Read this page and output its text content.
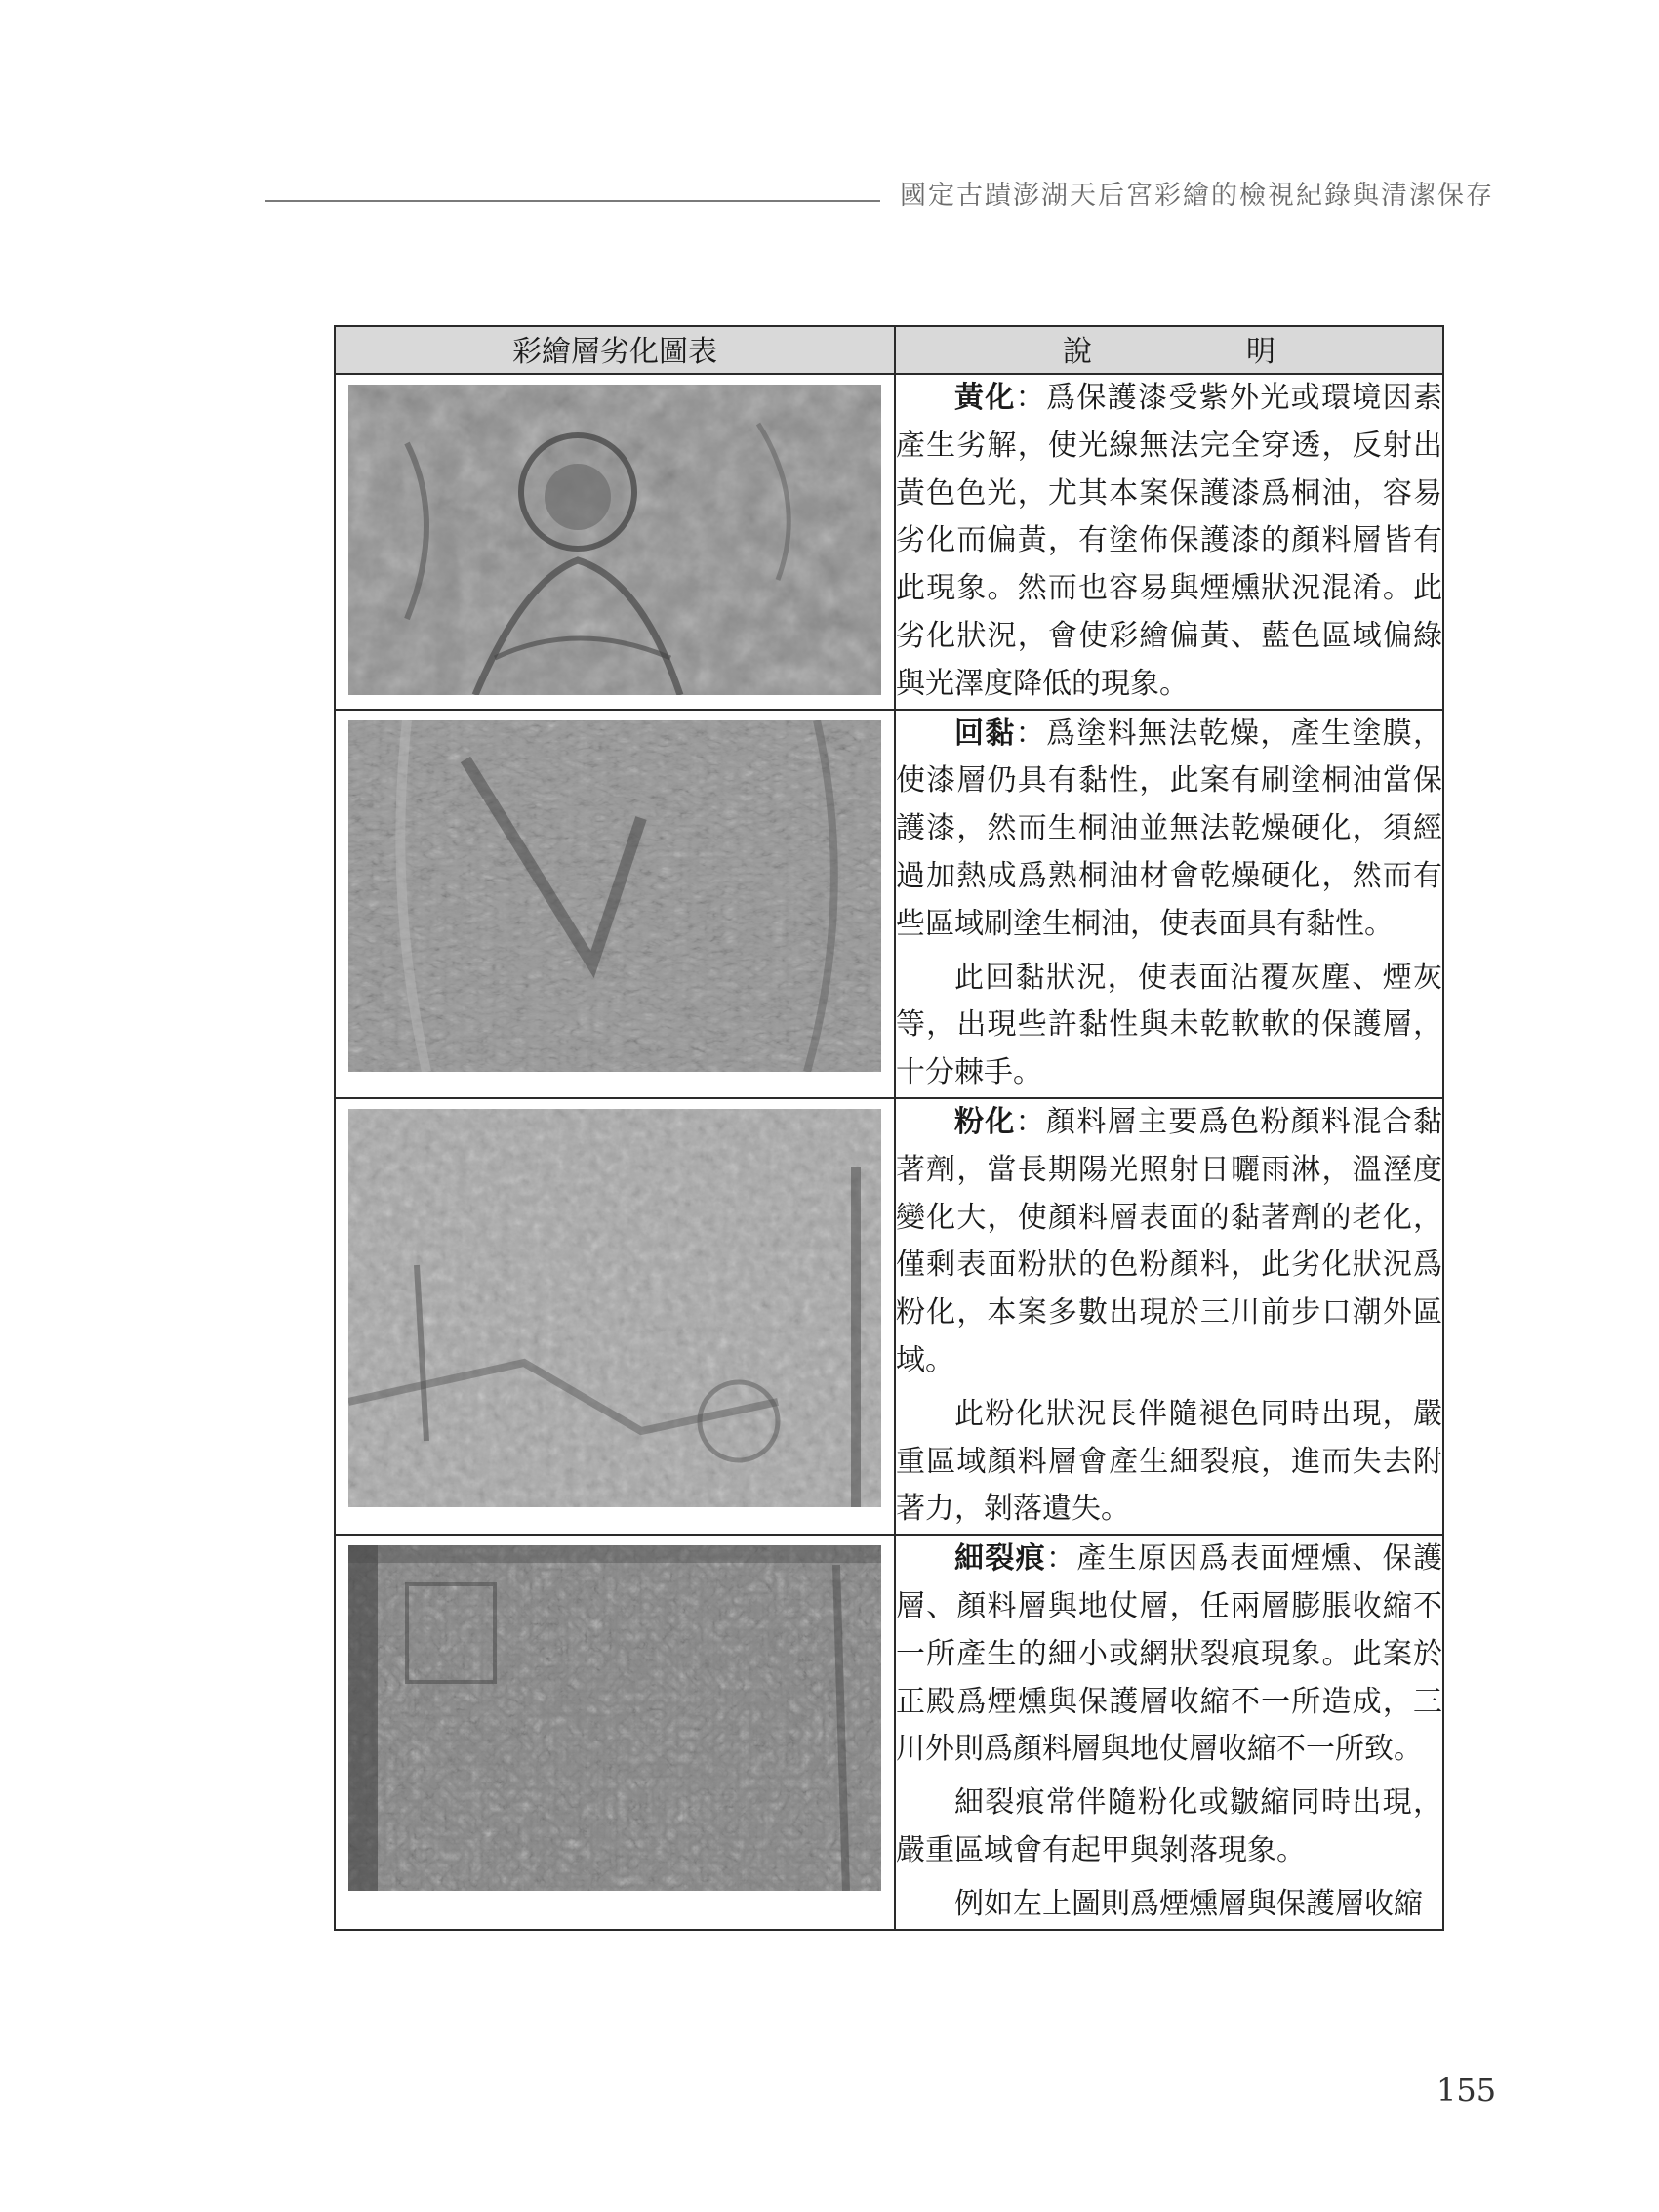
國定古蹟澎湖天后宮彩繪的檢視紀錄與清潔保存
彩繪層劣化圖表	說明

黃化：爲保護漆受紫外光或環境因素產生劣解，使光線無法完全穿透，反射出黃色色光，尤其本案保護漆爲桐油，容易劣化而偏黃，有塗佈保護漆的顏料層皆有此現象。然而也容易與煙燻狀況混淆。此劣化狀況，會使彩繪偏黃、藍色區域偏綠與光澤度降低的現象。

回黏：爲塗料無法乾燥，產生塗膜，使漆層仍具有黏性，此案有刷塗桐油當保護漆，然而生桐油並無法乾燥硬化，須經過加熱成爲熟桐油材會乾燥硬化，然而有些區域刷塗生桐油，使表面具有黏性。

此回黏狀況，使表面沾覆灰塵、煙灰等，出現些許黏性與未乾軟軟的保護層，十分棘手。

粉化：顏料層主要爲色粉顏料混合黏著劑，當長期陽光照射日曬雨淋，溫溼度變化大，使顏料層表面的黏著劑的老化，僅剩表面粉狀的色粉顏料，此劣化狀況爲粉化，本案多數出現於三川前步口潮外區域。

此粉化狀況長伴隨褪色同時出現，嚴重區域顏料層會產生細裂痕，進而失去附著力，剝落遺失。

細裂痕：產生原因爲表面煙燻、保護層、顏料層與地仗層，任兩層膨脹收縮不一所產生的細小或網狀裂痕現象。此案於正殿爲煙燻與保護層收縮不一所造成，三川外則爲顏料層與地仗層收縮不一所致。

細裂痕常伴隨粉化或皺縮同時出現，嚴重區域會有起甲與剝落現象。

例如左上圖則爲煙燻層與保護層收縮

155
